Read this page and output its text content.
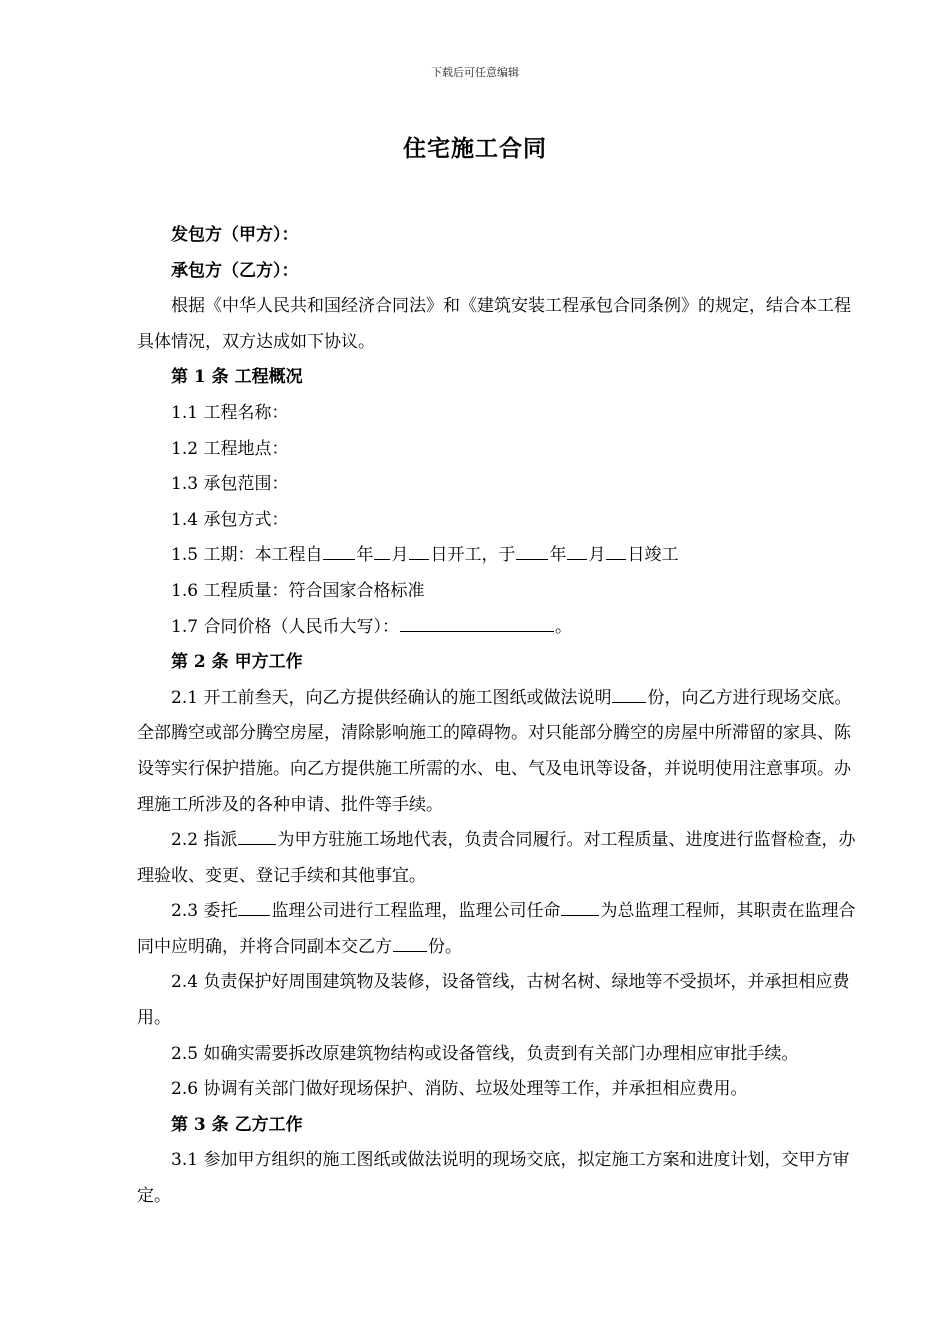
下载后可任意编辑
住宅施工合同

发包方（甲方）：

承包方（乙方）：

根据《中华人民共和国经济合同法》和《建筑安装工程承包合同条例》的规定，结合本工程具体情况，双方达成如下协议。

第 1 条 工程概况

1.1 工程名称：

1.2 工程地点：

1.3 承包范围：

1.4 承包方式：

1.5 工期：本工程自 年 月 日开工，于 年 月 日竣工

1.6 工程质量：符合国家合格标准

1.7 合同价格（人民币大写）：	。

第 2 条 甲方工作

2.1 开工前叁天，向乙方提供经确认的施工图纸或做法说明 份，向乙方进行现场交底。全部腾空或部分腾空房屋，清除影响施工的障碍物。对只能部分腾空的房屋中所滞留的家具、陈设等实行保护措施。向乙方提供施工所需的水、电、气及电讯等设备，并说明使用注意事项。办理施工所涉及的各种申请、批件等手续。

2.2 指派 为甲方驻施工场地代表，负责合同履行。对工程质量、进度进行监督检查，办理验收、变更、登记手续和其他事宜。

2.3 委托 监理公司进行工程监理，监理公司任命 为总监理工程师，其职责在监理合同中应明确，并将合同副本交乙方 份。

2.4 负责保护好周围建筑物及装修，设备管线，古树名树、绿地等不受损坏，并承担相应费用。

2.5 如确实需要拆改原建筑物结构或设备管线，负责到有关部门办理相应审批手续。

2.6 协调有关部门做好现场保护、消防、垃圾处理等工作，并承担相应费用。

第 3 条 乙方工作

3.1 参加甲方组织的施工图纸或做法说明的现场交底，拟定施工方案和进度计划，交甲方审定。
